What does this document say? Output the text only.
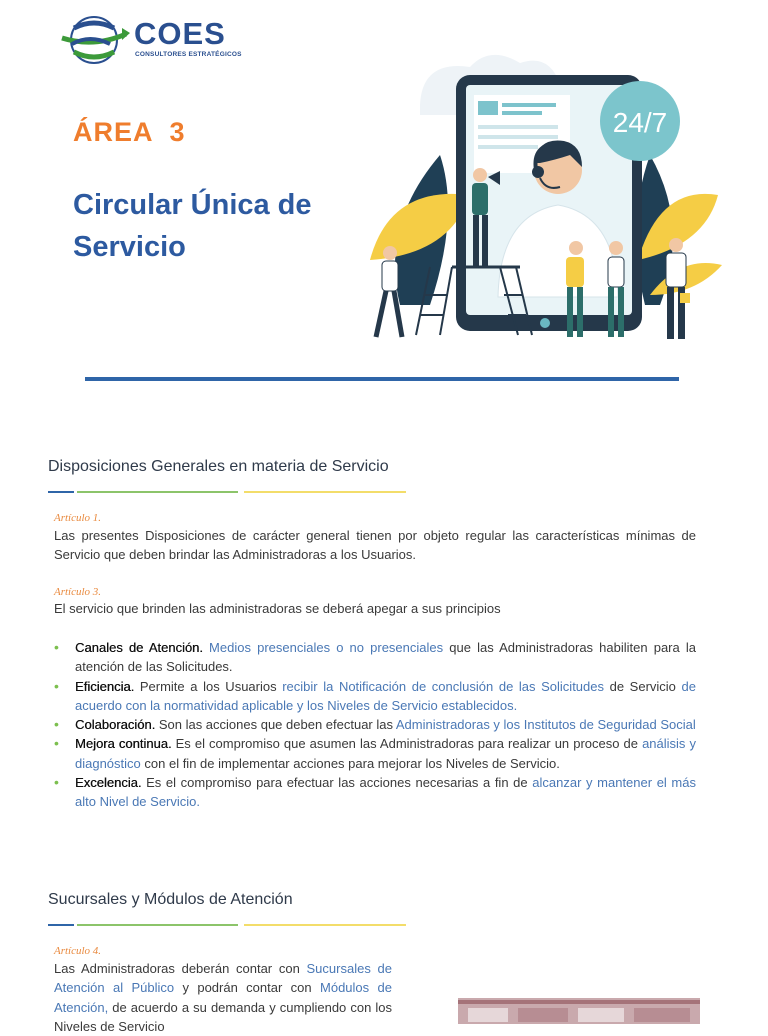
COES
CONSULTORES ESTRATÉGICOS
ÁREA  3
Circular Única de Servicio
24/7
Disposiciones Generales en materia de Servicio
Artículo 1.
Las presentes Disposiciones de carácter general tienen por objeto regular las características mínimas de Servicio que deben brindar las Administradoras a los Usuarios.
Artículo 3.
El servicio que brinden las administradoras se deberá apegar a sus principios
• Canales de Atención. Medios presenciales o no presenciales que las Administradoras habiliten para la atención de las Solicitudes.
• Eficiencia. Permite a los Usuarios recibir la Notificación de conclusión de las Solicitudes de Servicio de acuerdo con la normatividad aplicable y los Niveles de Servicio establecidos.
• Colaboración. Son las acciones que deben efectuar las Administradoras y los Institutos de Seguridad Social
• Mejora continua. Es el compromiso que asumen las Administradoras para realizar un proceso de análisis y diagnóstico con el fin de implementar acciones para mejorar los Niveles de Servicio.
• Excelencia. Es el compromiso para efectuar las acciones necesarias a fin de alcanzar y mantener el más alto Nivel de Servicio.
Sucursales y Módulos de Atención
Artículo 4.
Las Administradoras deberán contar con Sucursales de Atención al Público y podrán contar con Módulos de Atención, de acuerdo a su demanda y cumpliendo con los Niveles de Servicio
